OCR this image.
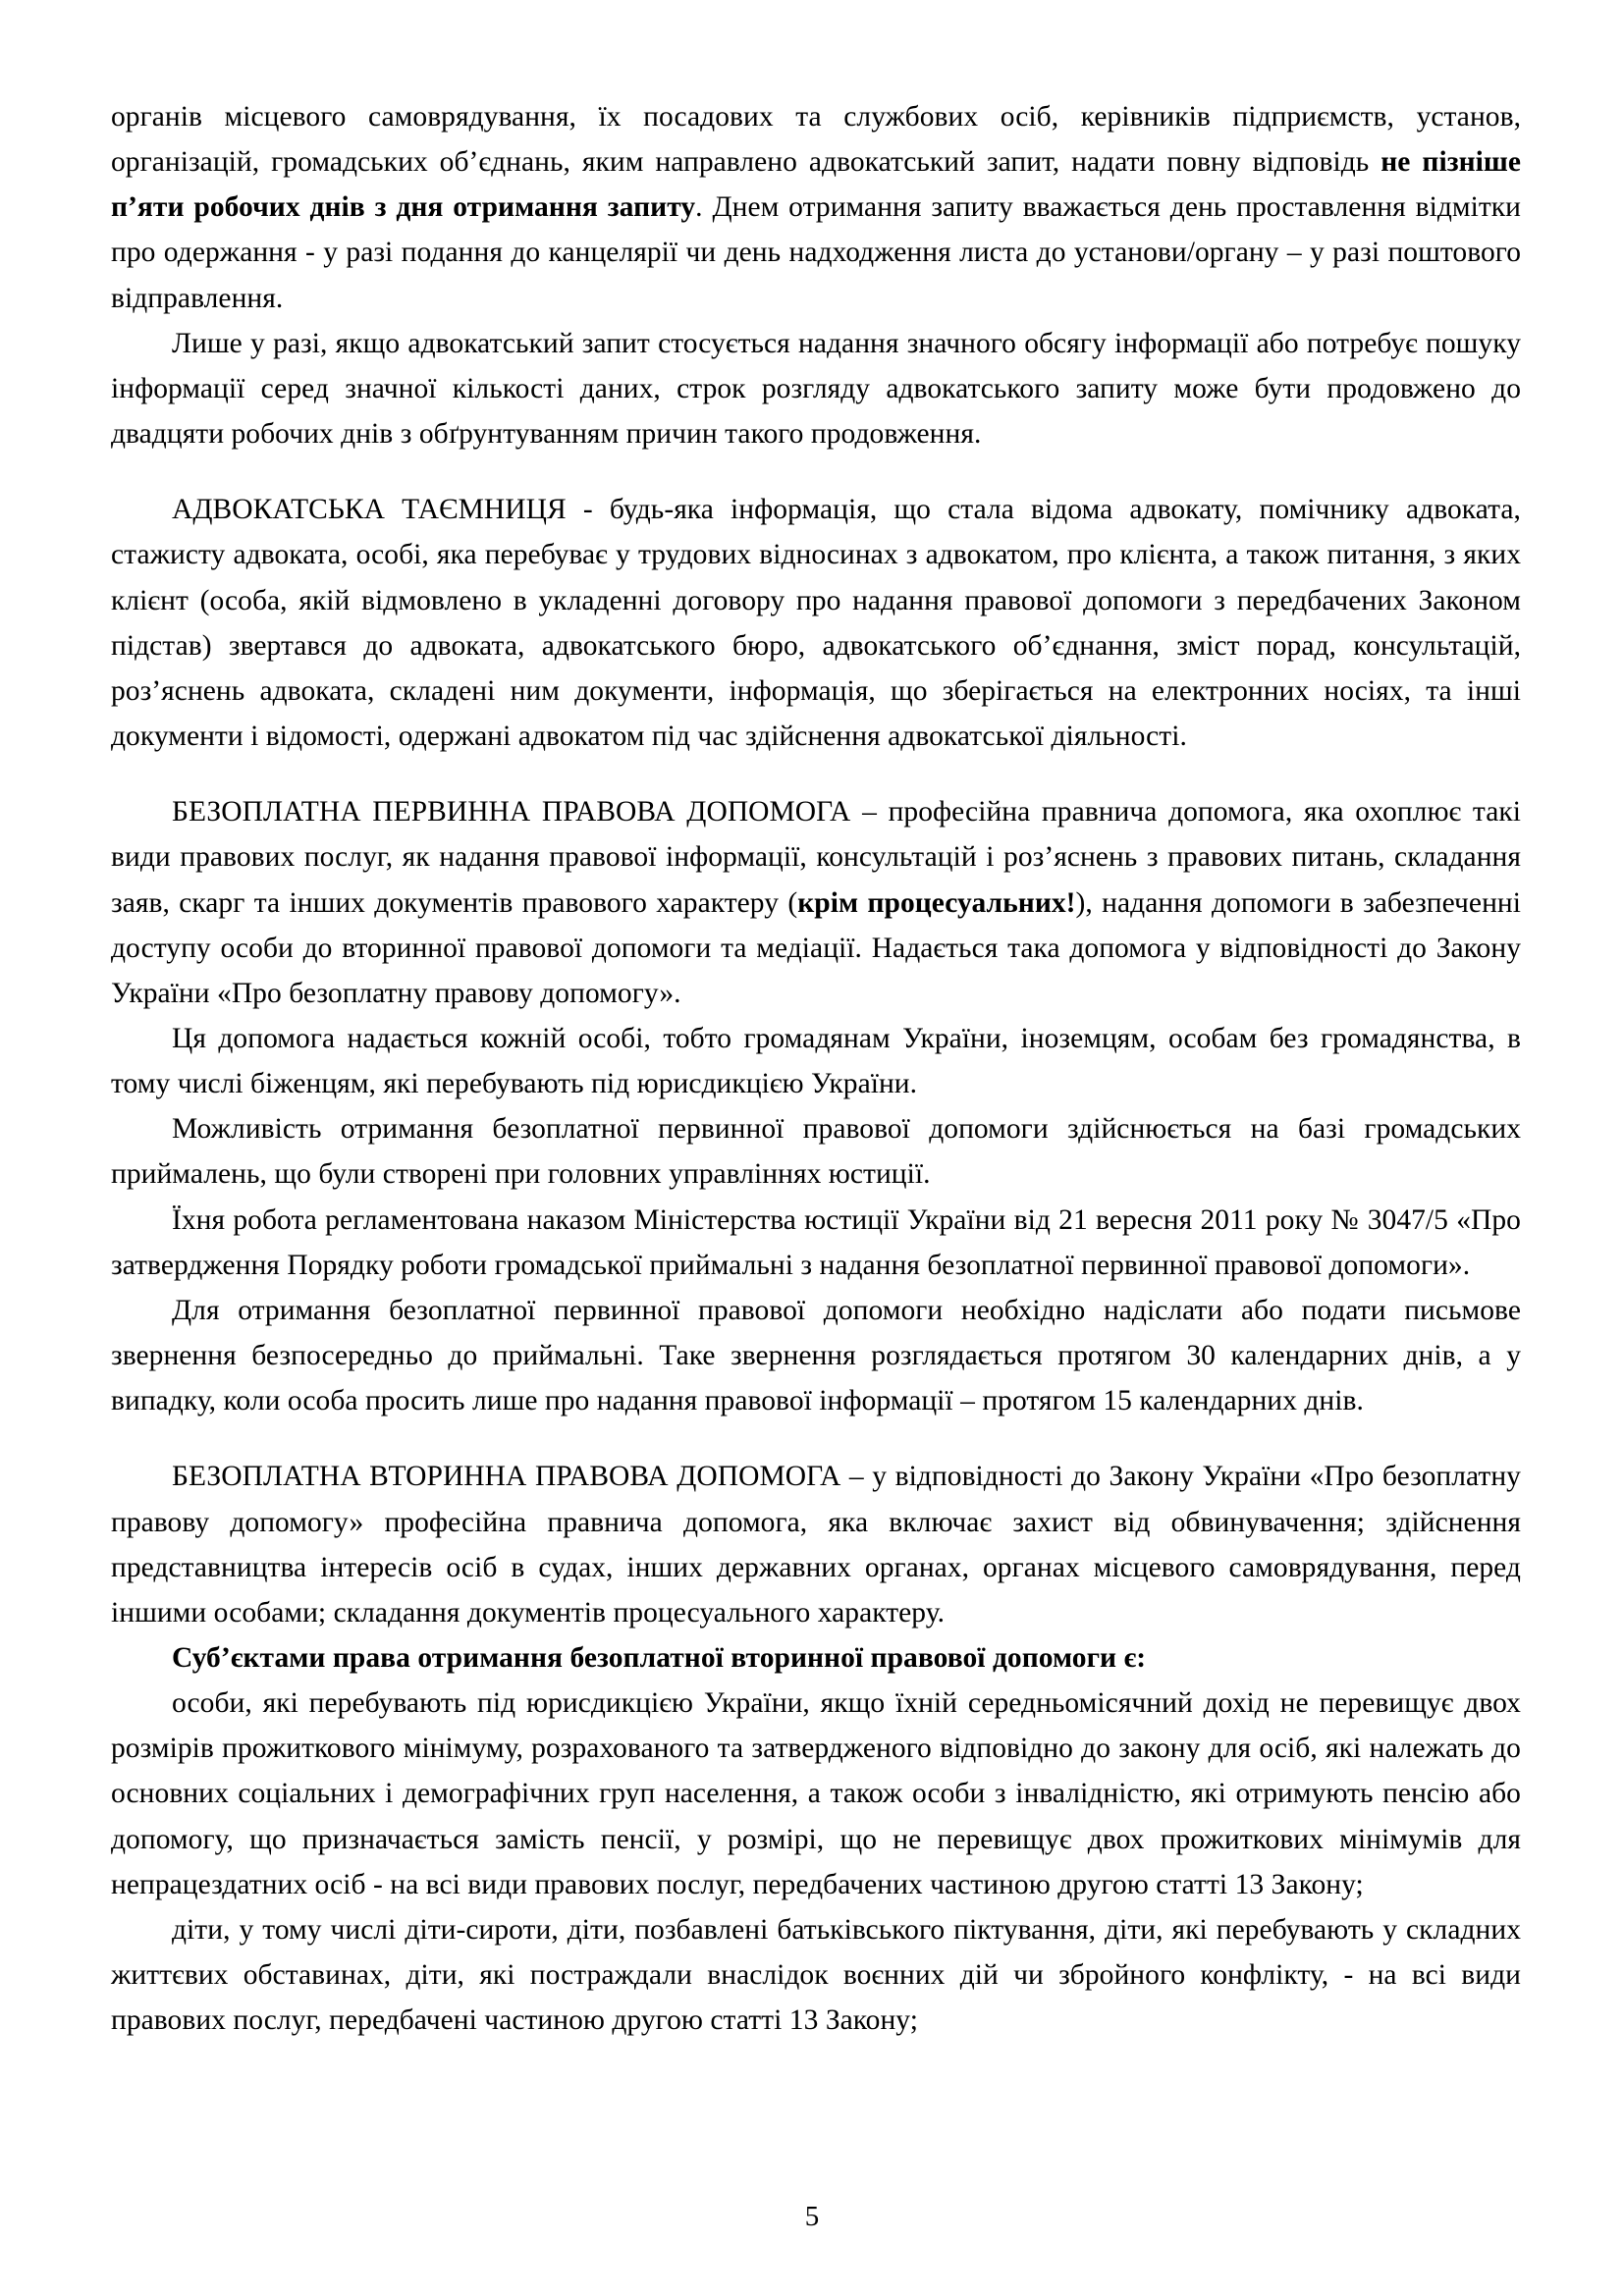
органів місцевого самоврядування, їх посадових та службових осіб, керівників підприємств, установ, організацій, громадських об’єднань, яким направлено адвокатський запит, надати повну відповідь не пізніше п’яти робочих днів з дня отримання запиту. Днем отримання запиту вважається день проставлення відмітки про одержання - у разі подання до канцелярії чи день надходження листа до установи/органу – у разі поштового відправлення.

Лише у разі, якщо адвокатський запит стосується надання значного обсягу інформації або потребує пошуку інформації серед значної кількості даних, строк розгляду адвокатського запиту може бути продовжено до двадцяти робочих днів з обґрунтуванням причин такого продовження.

АДВОКАТСЬКА ТАЄМНИЦЯ - будь-яка інформація, що стала відома адвокату, помічнику адвоката, стажисту адвоката, особі, яка перебуває у трудових відносинах з адвокатом, про клієнта, а також питання, з яких клієнт (особа, якій відмовлено в укладенні договору про надання правової допомоги з передбачених Законом підстав) звертався до адвоката, адвокатського бюро, адвокатського об’єднання, зміст порад, консультацій, роз’яснень адвоката, складені ним документи, інформація, що зберігається на електронних носіях, та інші документи і відомості, одержані адвокатом під час здійснення адвокатської діяльності.

БЕЗОПЛАТНА ПЕРВИННА ПРАВОВА ДОПОМОГА – професійна правнича допомога, яка охоплює такі види правових послуг, як надання правової інформації, консультацій і роз’яснень з правових питань, складання заяв, скарг та інших документів правового характеру (крім процесуальних!), надання допомоги в забезпеченні доступу особи до вторинної правової допомоги та медіації. Надається така допомога у відповідності до Закону України «Про безоплатну правову допомогу».

Ця допомога надається кожній особі, тобто громадянам України, іноземцям, особам без громадянства, в тому числі біженцям, які перебувають під юрисдикцією України.

Можливість отримання безоплатної первинної правової допомоги здійснюється на базі громадських приймалень, що були створені при головних управліннях юстиції.

Їхня робота регламентована наказом Міністерства юстиції України від 21 вересня 2011 року № 3047/5 «Про затвердження Порядку роботи громадської приймальні з надання безоплатної первинної правової допомоги».

Для отримання безоплатної первинної правової допомоги необхідно надіслати або подати письмове звернення безпосередньо до приймальні. Таке звернення розглядається протягом 30 календарних днів, а у випадку, коли особа просить лише про надання правової інформації – протягом 15 календарних днів.

БЕЗОПЛАТНА ВТОРИННА ПРАВОВА ДОПОМОГА – у відповідності до Закону України «Про безоплатну правову допомогу» професійна правнича допомога, яка включає захист від обвинувачення; здійснення представництва інтересів осіб в судах, інших державних органах, органах місцевого самоврядування, перед іншими особами; складання документів процесуального характеру.

Суб’єктами права отримання безоплатної вторинної правової допомоги є:

особи, які перебувають під юрисдикцією України, якщо їхній середньомісячний дохід не перевищує двох розмірів прожиткового мінімуму, розрахованого та затвердженого відповідно до закону для осіб, які належать до основних соціальних і демографічних груп населення, а також особи з інвалідністю, які отримують пенсію або допомогу, що призначається замість пенсії, у розмірі, що не перевищує двох прожиткових мінімумів для непрацездатних осіб - на всі види правових послуг, передбачених частиною другою статті 13 Закону;

діти, у тому числі діти-сироти, діти, позбавлені батьківського піктування, діти, які перебувають у складних життєвих обставинах, діти, які постраждали внаслідок воєнних дій чи збройного конфлікту, - на всі види правових послуг, передбачені частиною другою статті 13 Закону;

5
